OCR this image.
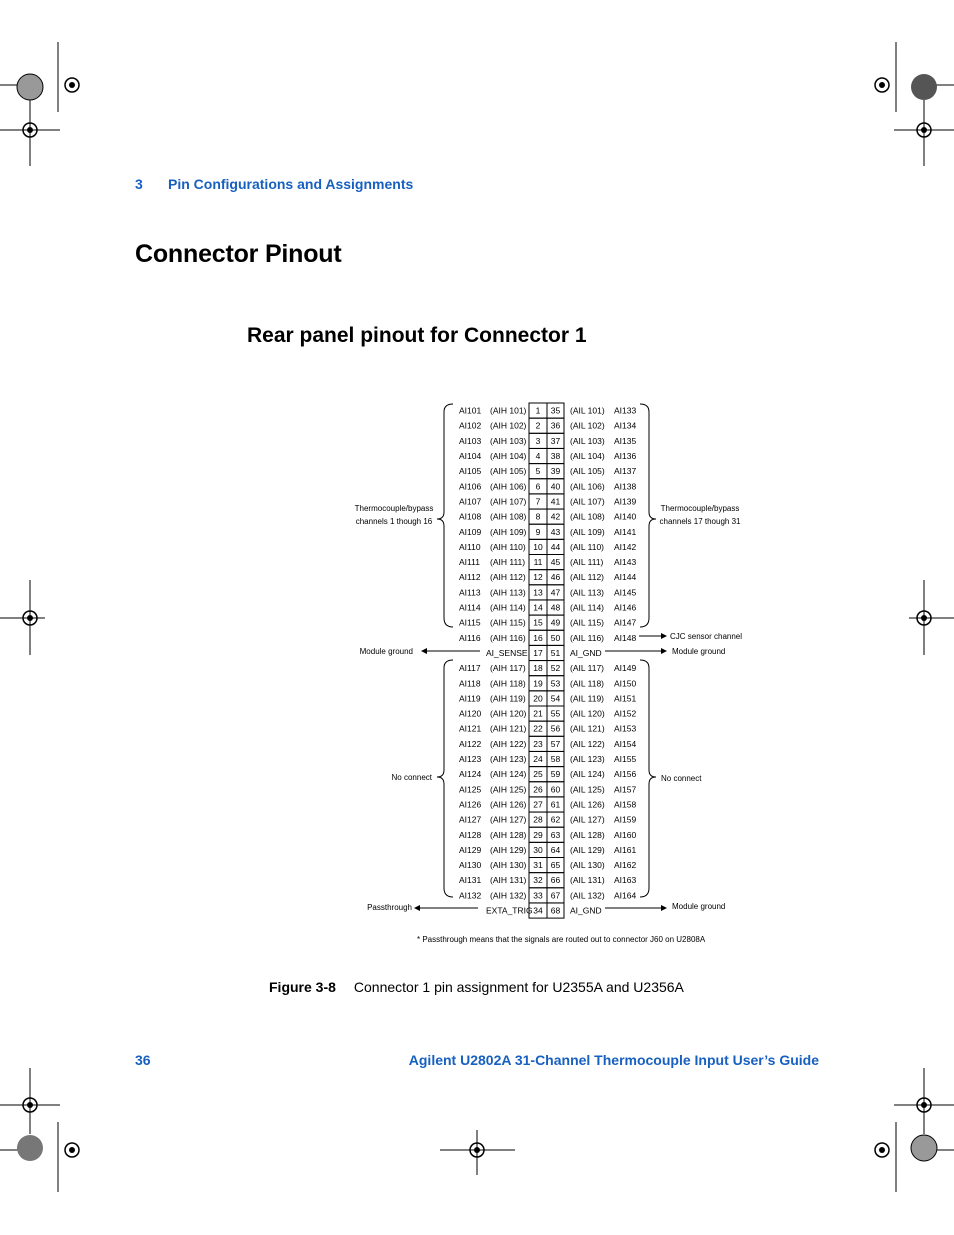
3 Pin Configurations and Assignments
Connector Pinout
Rear panel pinout for Connector 1
AI101 (AIH 101) 1 35 (AIL 101) AI133
AI102 (AIH 102) 2 36 (AIL 102) AI134
AI103 (AIH 103) 3 37 (AIL 103) AI135
AI104 (AIH 104) 4 38 (AIL 104) AI136
AI105 (AIH 105) 5 39 (AIL 105) AI137
AI106 (AIH 106) 6 40 (AIL 106) AI138
AI107 (AIH 107) 7 41 (AIL 107) AI139
AI108 (AIH 108) 8 42 (AIL 108) AI140
AI109 (AIH 109) 9 43 (AIL 109) AI141
AI110 (AIH 110) 10 44 (AIL 110) AI142
AI111 (AIH 111) 11 45 (AIL 111) AI143
AI112 (AIH 112) 12 46 (AIL 112) AI144
AI113 (AIH 113) 13 47 (AIL 113) AI145
AI114 (AIH 114) 14 48 (AIL 114) AI146
AI115 (AIH 115) 15 49 (AIL 115) AI147
AI116 (AIH 116) 16 50 (AIL 116) AI148
AI_SENSE 17 51 AI_GND
AI117 (AIH 117) 18 52 (AIL 117) AI149
AI118 (AIH 118) 19 53 (AIL 118) AI150
AI119 (AIH 119) 20 54 (AIL 119) AI151
AI120 (AIH 120) 21 55 (AIL 120) AI152
AI121 (AIH 121) 22 56 (AIL 121) AI153
AI122 (AIH 122) 23 57 (AIL 122) AI154
AI123 (AIH 123) 24 58 (AIL 123) AI155
AI124 (AIH 124) 25 59 (AIL 124) AI156
AI125 (AIH 125) 26 60 (AIL 125) AI157
AI126 (AIH 126) 27 61 (AIL 126) AI158
AI127 (AIH 127) 28 62 (AIL 127) AI159
AI128 (AIH 128) 29 63 (AIL 128) AI160
AI129 (AIH 129) 30 64 (AIL 129) AI161
AI130 (AIH 130) 31 65 (AIL 130) AI162
AI131 (AIH 131) 32 66 (AIL 131) AI163
AI132 (AIH 132) 33 67 (AIL 132) AI164
EXTA_TRIG 34 68 AI_GND
Thermocouple/bypass
channels 1 though 16
Thermocouple/bypass
channels 17 though 31
CJC sensor channel
Module ground	Module ground
No connect	No connect
Passthrough	Module ground
* Passthrough means that the signals are routed out to connector J60 on U2808A
Figure 3-8 Connector 1 pin assignment for U2355A and U2356A
36	Agilent U2802A 31-Channel Thermocouple Input User’s Guide
